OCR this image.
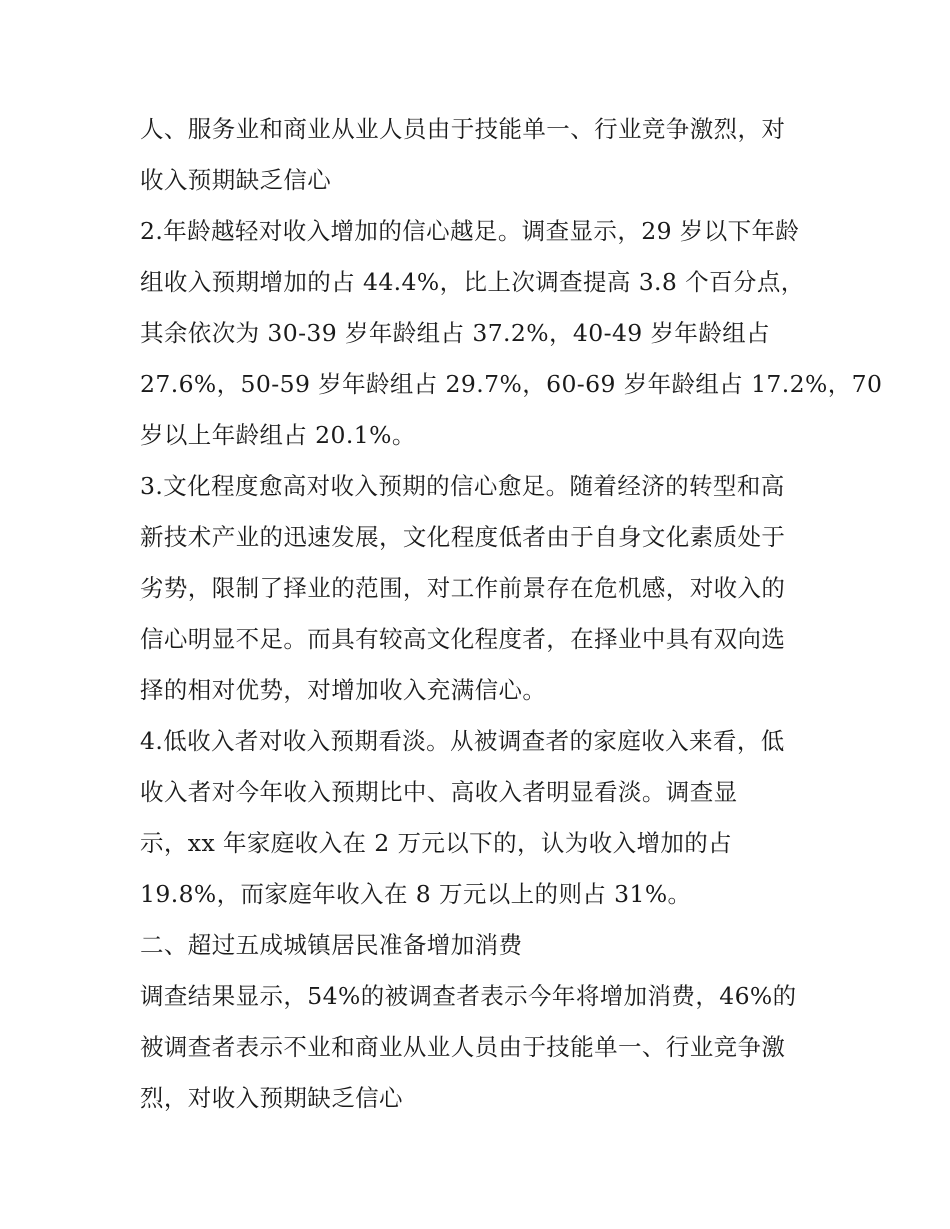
人、服务业和商业从业人员由于技能单一、行业竞争激烈，对
收入预期缺乏信心
2.年龄越轻对收入增加的信心越足。调查显示，29 岁以下年龄
组收入预期增加的占 44.4%，比上次调查提高 3.8 个百分点，
其余依次为 30-39 岁年龄组占 37.2%，40-49 岁年龄组占
27.6%，50-59 岁年龄组占 29.7%，60-69 岁年龄组占 17.2%，70
岁以上年龄组占 20.1%。
3.文化程度愈高对收入预期的信心愈足。随着经济的转型和高
新技术产业的迅速发展，文化程度低者由于自身文化素质处于
劣势，限制了择业的范围，对工作前景存在危机感，对收入的
信心明显不足。而具有较高文化程度者，在择业中具有双向选
择的相对优势，对增加收入充满信心。
4.低收入者对收入预期看淡。从被调查者的家庭收入来看，低
收入者对今年收入预期比中、高收入者明显看淡。调查显
示，xx 年家庭收入在 2 万元以下的，认为收入增加的占
19.8%，而家庭年收入在 8 万元以上的则占 31%。
二、超过五成城镇居民准备增加消费
调查结果显示，54%的被调查者表示今年将增加消费，46%的
被调查者表示不业和商业从业人员由于技能单一、行业竞争激
烈，对收入预期缺乏信心
